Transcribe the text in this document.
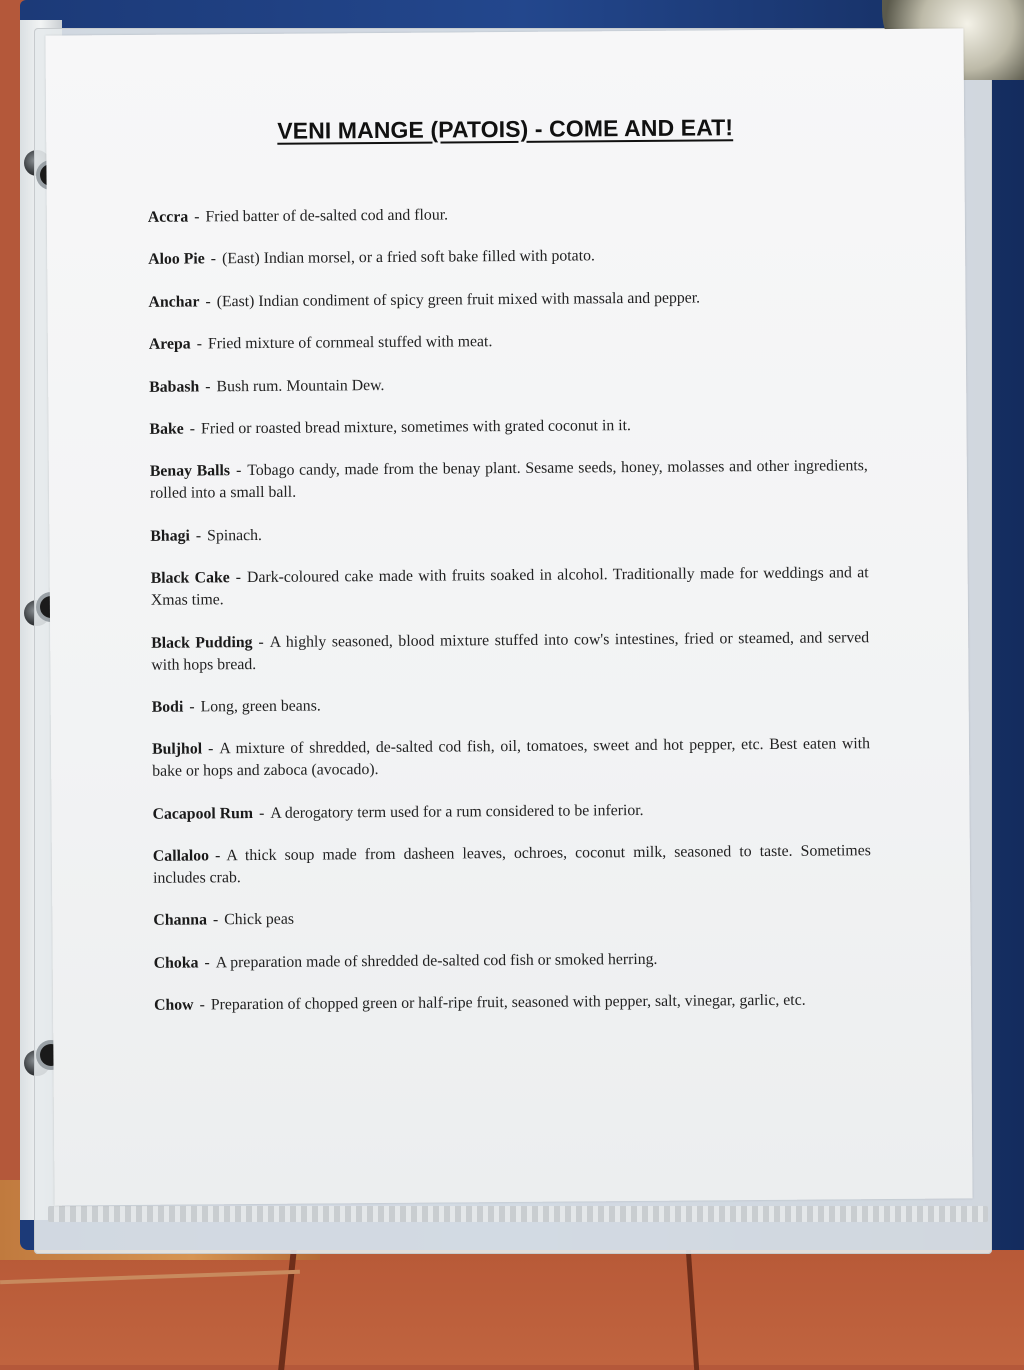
VENI MANGE (PATOIS) - COME AND EAT!
Accra - Fried batter of de-salted cod and flour.
Aloo Pie - (East) Indian morsel, or a fried soft bake filled with potato.
Anchar - (East) Indian condiment of spicy green fruit mixed with massala and pepper.
Arepa - Fried mixture of cornmeal stuffed with meat.
Babash - Bush rum. Mountain Dew.
Bake - Fried or roasted bread mixture, sometimes with grated coconut in it.
Benay Balls - Tobago candy, made from the benay plant. Sesame seeds, honey, molasses and other ingredients, rolled into a small ball.
Bhagi - Spinach.
Black Cake - Dark-coloured cake made with fruits soaked in alcohol. Traditionally made for weddings and at Xmas time.
Black Pudding - A highly seasoned, blood mixture stuffed into cow's intestines, fried or steamed, and served with hops bread.
Bodi - Long, green beans.
Buljhol - A mixture of shredded, de-salted cod fish, oil, tomatoes, sweet and hot pepper, etc. Best eaten with bake or hops and zaboca (avocado).
Cacapool Rum - A derogatory term used for a rum considered to be inferior.
Callaloo - A thick soup made from dasheen leaves, ochroes, coconut milk, seasoned to taste. Sometimes includes crab.
Channa - Chick peas
Choka - A preparation made of shredded de-salted cod fish or smoked herring.
Chow - Preparation of chopped green or half-ripe fruit, seasoned with pepper, salt, vinegar, garlic, etc.
